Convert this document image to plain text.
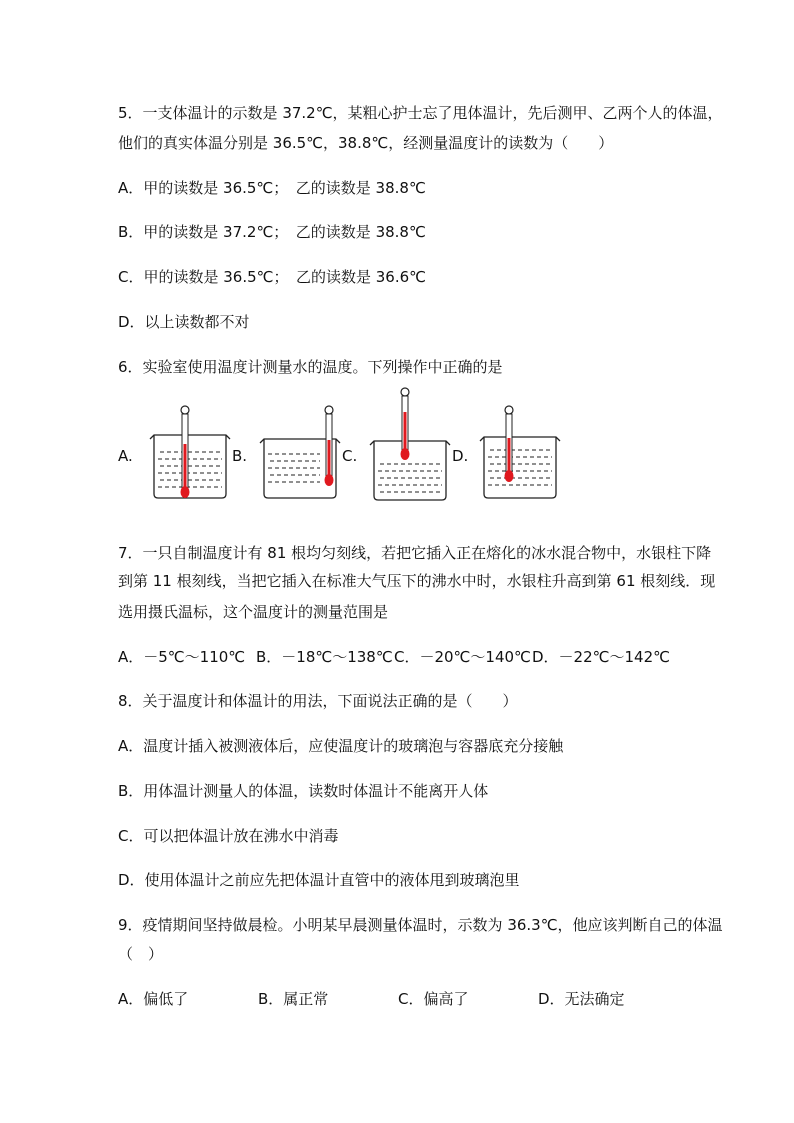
5．一支体温计的示数是 37.2℃，某粗心护士忘了甩体温计，先后测甲、乙两个人的体温，
他们的真实体温分别是 36.5℃，38.8℃，经测量温度计的读数为（　　）
A．甲的读数是 36.5℃；　乙的读数是 38.8℃
B．甲的读数是 37.2℃；　乙的读数是 38.8℃
C．甲的读数是 36.5℃；　乙的读数是 36.6℃
D．以上读数都不对
6．实验室使用温度计测量水的温度。下列操作中正确的是
A.	B.	C.	D.
7．一只自制温度计有 81 根均匀刻线，若把它插入正在熔化的冰水混合物中，水银柱下降
到第 11 根刻线，当把它插入在标准大气压下的沸水中时，水银柱升高到第 61 根刻线．现
选用摄氏温标，这个温度计的测量范围是
A．－5℃～110℃ B．－18℃～138℃C．－20℃～140℃D．－22℃～142℃
8．关于温度计和体温计的用法，下面说法正确的是（　　）
A．温度计插入被测液体后，应使温度计的玻璃泡与容器底充分接触
B．用体温计测量人的体温，读数时体温计不能离开人体
C．可以把体温计放在沸水中消毒
D．使用体温计之前应先把体温计直管中的液体甩到玻璃泡里
9．疫情期间坚持做晨检。小明某早晨测量体温时，示数为 36.3℃，他应该判断自己的体温
（　）
A．偏低了	B．属正常	C．偏高了	D．无法确定
